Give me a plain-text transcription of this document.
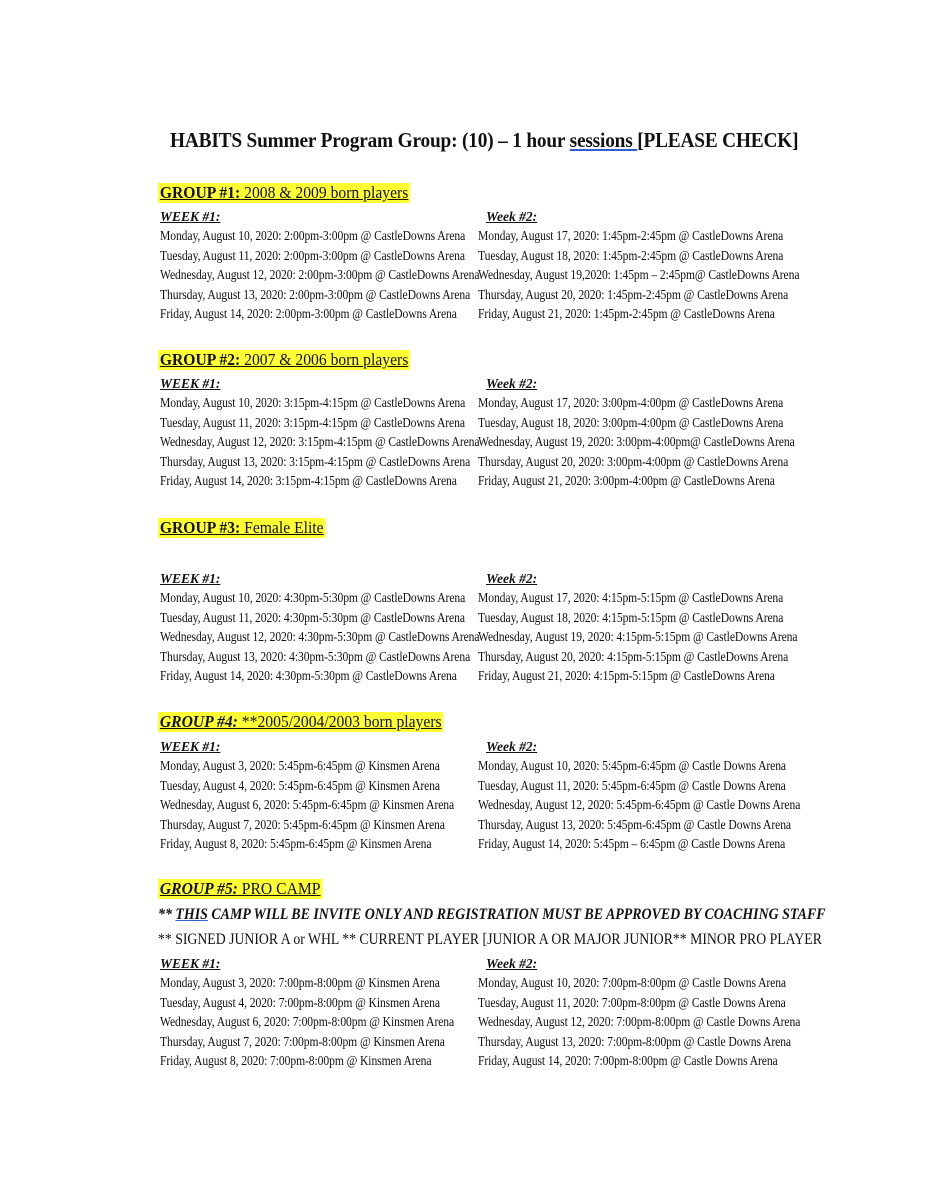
HABITS Summer Program Group: (10) – 1 hour sessions [PLEASE CHECK]
GROUP #1: 2008 & 2009 born players
WEEK #1:
Monday, August 10, 2020: 2:00pm-3:00pm @ CastleDowns Arena
Tuesday, August 11, 2020: 2:00pm-3:00pm @ CastleDowns Arena
Wednesday, August 12, 2020: 2:00pm-3:00pm @ CastleDowns Arena
Thursday, August 13, 2020: 2:00pm-3:00pm @ CastleDowns Arena
Friday, August 14, 2020: 2:00pm-3:00pm @ CastleDowns Arena
Week #2:
Monday, August 17, 2020: 1:45pm-2:45pm @ CastleDowns Arena
Tuesday, August 18, 2020: 1:45pm-2:45pm @ CastleDowns Arena
Wednesday, August 19,2020: 1:45pm – 2:45pm@ CastleDowns Arena
Thursday, August 20, 2020: 1:45pm-2:45pm @ CastleDowns Arena
Friday, August 21, 2020: 1:45pm-2:45pm @ CastleDowns Arena
GROUP #2: 2007 & 2006 born players
WEEK #1:
Monday, August 10, 2020: 3:15pm-4:15pm @ CastleDowns Arena
Tuesday, August 11, 2020: 3:15pm-4:15pm @ CastleDowns Arena
Wednesday, August 12, 2020: 3:15pm-4:15pm @ CastleDowns Arena
Thursday, August 13, 2020: 3:15pm-4:15pm @ CastleDowns Arena
Friday, August 14, 2020: 3:15pm-4:15pm @ CastleDowns Arena
Week #2:
Monday, August 17, 2020: 3:00pm-4:00pm @ CastleDowns Arena
Tuesday, August 18, 2020: 3:00pm-4:00pm @ CastleDowns Arena
Wednesday, August 19, 2020: 3:00pm-4:00pm@ CastleDowns Arena
Thursday, August 20, 2020: 3:00pm-4:00pm @ CastleDowns Arena
Friday, August 21, 2020: 3:00pm-4:00pm @ CastleDowns Arena
GROUP #3: Female Elite
WEEK #1:
Monday, August 10, 2020: 4:30pm-5:30pm @ CastleDowns Arena
Tuesday, August 11, 2020: 4:30pm-5:30pm @ CastleDowns Arena
Wednesday, August 12, 2020: 4:30pm-5:30pm @ CastleDowns Arena
Thursday, August 13, 2020: 4:30pm-5:30pm @ CastleDowns Arena
Friday, August 14, 2020: 4:30pm-5:30pm @ CastleDowns Arena
Week #2:
Monday, August 17, 2020: 4:15pm-5:15pm @ CastleDowns Arena
Tuesday, August 18, 2020: 4:15pm-5:15pm @ CastleDowns Arena
Wednesday, August 19, 2020: 4:15pm-5:15pm @ CastleDowns Arena
Thursday, August 20, 2020: 4:15pm-5:15pm @ CastleDowns Arena
Friday, August 21, 2020: 4:15pm-5:15pm @ CastleDowns Arena
GROUP #4: **2005/2004/2003 born players
WEEK #1:
Monday, August 3, 2020: 5:45pm-6:45pm @ Kinsmen Arena
Tuesday, August 4, 2020: 5:45pm-6:45pm @ Kinsmen Arena
Wednesday, August 6, 2020: 5:45pm-6:45pm @ Kinsmen Arena
Thursday, August 7, 2020: 5:45pm-6:45pm @ Kinsmen Arena
Friday, August 8, 2020: 5:45pm-6:45pm @ Kinsmen Arena
Week #2:
Monday, August 10, 2020: 5:45pm-6:45pm @ Castle Downs Arena
Tuesday, August 11, 2020: 5:45pm-6:45pm @ Castle Downs Arena
Wednesday, August 12, 2020: 5:45pm-6:45pm @ Castle Downs Arena
Thursday, August 13, 2020: 5:45pm-6:45pm @ Castle Downs Arena
Friday, August 14, 2020: 5:45pm – 6:45pm @ Castle Downs Arena
GROUP #5: PRO CAMP
** THIS CAMP WILL BE INVITE ONLY AND REGISTRATION MUST BE APPROVED BY COACHING STAFF
** SIGNED JUNIOR A or WHL ** CURRENT PLAYER [JUNIOR A OR MAJOR JUNIOR** MINOR PRO PLAYER
WEEK #1:
Monday, August 3, 2020: 7:00pm-8:00pm @ Kinsmen Arena
Tuesday, August 4, 2020: 7:00pm-8:00pm @ Kinsmen Arena
Wednesday, August 6, 2020: 7:00pm-8:00pm @ Kinsmen Arena
Thursday, August 7, 2020: 7:00pm-8:00pm @ Kinsmen Arena
Friday, August 8, 2020: 7:00pm-8:00pm @ Kinsmen Arena
Week #2:
Monday, August 10, 2020: 7:00pm-8:00pm @ Castle Downs Arena
Tuesday, August 11, 2020: 7:00pm-8:00pm @ Castle Downs Arena
Wednesday, August 12, 2020: 7:00pm-8:00pm @ Castle Downs Arena
Thursday, August 13, 2020: 7:00pm-8:00pm @ Castle Downs Arena
Friday, August 14, 2020: 7:00pm-8:00pm @ Castle Downs Arena
